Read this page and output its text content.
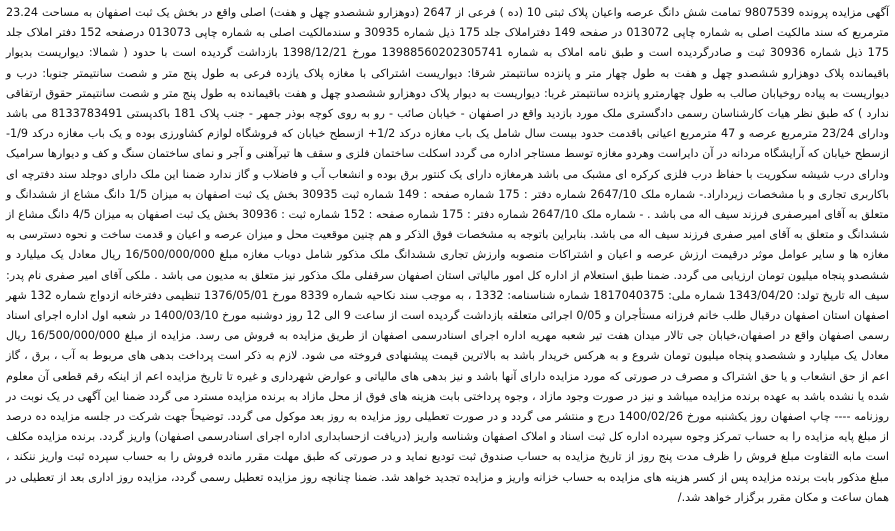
آگهی مزایده پرونده 9807539 تمامت شش دانگ عرصه واعیان پلاک ثبتی 10 (ده ) فرعی از 2647 (دوهزارو ششصدو چهل و هفت) اصلی واقع در بخش یک ثبت اصفهان به مساحت 23.24 مترمربع که سند مالکیت اصلی به شماره چاپی 013072 در صفحه 149 دفتراملاک جلد 175 ذیل شماره 30935 و سندمالکیت اصلی به شماره چاپی 013073 درصفحه 152 دفتر املاک جلد 175 ذیل شماره 30936 ثبت و صادرگردیده است و طبق نامه املاک به شماره 13988560202305741 مورخ 1398/12/21 بازداشت گردیده است با حدود ( شمالا: دیواریست بدیوار باقیمانده پلاک دوهزارو ششصدو چهل و هفت به طول چهار متر و پانزده سانتیمتر شرقا: دیواریست اشتراکی با مغازه پلاک یازده فرعی به طول پنج متر و شصت سانتیمتر جنوبا: درب و دیواریست به پیاده روخیابان صالب به طول چهارمترو پانزده سانتیمتر غربا: دیواریست به دیوار پلاک دوهزارو ششصدو چهل و هفت باقیمانده به طول پنج متر و شصت سانتیمتر حقوق ارتفاقی ندارد ) که طبق نظر هیات کارشناسان رسمی دادگستری ملک مورد بازدید واقع در اصفهان - خیابان صائب - رو به روی کوچه بوذر جمهر - جنب پلاک 181 باکدپستی 8133783491 می باشد ودارای 23/24 مترمربع عرصه و 47 مترمربع اعیانی باقدمت حدود بیست سال شامل یک باب مغازه درکد 1/2+ ازسطح خیابان که فروشگاه لوازم کشاورزی بوده و یک باب مغازه درکد 1/9- ازسطح خیابان که آرایشگاه مردانه در آن دایراست وهردو مغازه توسط مستاجر اداره می گردد اسکلت ساختمان فلزی و سقف ها تیرآهنی و آجر و نمای ساختمان سنگ و کف و دیوارها سرامیک ودارای درب شیشه سکوریت با حفاظ درب فلزی کرکره ای مشبک می باشد هرمغازه دارای یک کنتور برق بوده و انشعاب آب و فاضلاب و گاز ندارد ضمنا این ملک دارای دوجلد سند دفترچه ای باکاربری تجاری و با مشخصات زیرداراد.- شماره ملک 2647/10 شماره دفتر : 175 شماره صفحه : 149 شماره ثبت 30935 بخش یک ثبت اصفهان به میزان 1/5 دانگ مشاع از ششدانگ و متعلق به آقای امیرصفری فرزند سیف اله می باشد . - شماره ملک 2647/10 شماره دفتر : 175 شماره صفحه : 152 شماره ثبت : 30936 بخش یک ثبت اصفهان به میزان 4/5 دانگ مشاع از ششدانگ و متعلق به آقای امیر صفری فرزند سیف اله می باشد. بنابراین باتوجه به مشخصات فوق الذکر و هم چنین موقعیت محل و میزان عرصه و اعیان و قدمت ساخت و نحوه دسترسی به مغازه ها و سایر عوامل موثر درقیمت ارزش عرصه و اعیان و اشتراکات منصوبه وارزش تجاری ششدانگ ملک مذکور شامل دوباب مغازه مبلغ 16/500/000/000 ریال معادل یک میلیارد و ششصدو پنجاه میلیون تومان ارزیابی می گردد. ضمنا طبق استعلام از اداره کل امور مالیاتی استان اصفهان سرقفلی ملک مذکور نیز متعلق به مدیون می باشد . ملکی آقای امیر صفری نام پدر: سیف اله تاریخ تولد: 1343/04/20 شماره ملی: 1817040375 شماره شناسنامه: 1332 ، به موجب سند نکاحیه شماره 8339 مورخ 1376/05/01 تنظیمی دفترخانه ازدواج شماره 132 شهر اصفهان استان اصفهان درقبال طلب خانم فرزانه مستأجران و 0/05 اجرائی متعلقه بازداشت گردیده است از ساعت 9 الی 12 روز دوشنبه مورخ 1400/03/10 در شعبه اول اداره اجرای اسناد رسمی اصفهان واقع در اصفهان،خیابان جی تالار میدان هفت تیر شعبه مهریه اداره اجرای اسنادرسمی اصفهان از طریق مزایده به فروش می رسد. مزایده از مبلغ 16/500/000/000 ریال معادل یک میلیارد و ششصدو پنجاه میلیون تومان شروع و به هرکس خریدار باشد به بالاترین قیمت پیشنهادی فروخته می شود. لازم به ذکر است پرداخت بدهی های مربوط به آب ، برق ، گاز اعم از حق انشعاب و یا حق اشتراک و مصرف در صورتی که مورد مزایده دارای آنها باشد و نیز بدهی های مالیاتی و عوارض شهرداری و غیره تا تاریخ مزایده اعم از اینکه رقم قطعی آن معلوم شده یا نشده باشد به عهده برنده مزایده میباشد و نیز در صورت وجود مازاد ، وجوه پرداختی بابت هزینه های فوق از محل مازاد به برنده مزایده مسترد می گردد ضمنا این آگهی در یک نوبت در روزنامه ---- چاپ اصفهان روز یکشنبه مورخ 1400/02/26 درج و منتشر می گردد و در صورت تعطیلی روز مزایده به روز بعد موکول می گردد. توضیحاً جهت شرکت در جلسه مزایده ده درصد از مبلغ پایه مزایده را به حساب تمرکز وجوه سپرده اداره کل ثبت اسناد و املاک اصفهان وشناسه واریز (دریافت ازحسابداری اداره اجرای اسنادرسمی اصفهان) واریز گردد. برنده مزایده مکلف است مابه التفاوت مبلغ فروش را ظرف مدت پنج روز از تاریخ مزایده به حساب صندوق ثبت تودیع نماید و در صورتی که طبق مهلت مقرر مانده فروش را به حساب سپرده ثبت واریز ننکند ، مبلغ مذکور بابت برنده مزایده پس از کسر هزینه های مزایده به حساب خزانه واریز و مزایده تجدید خواهد شد. ضمنا چنانچه روز مزایده تعطیل رسمی گردد، مزایده روز اداری بعد از تعطیلی در همان ساعت و مکان مقرر برگزار خواهد شد./
